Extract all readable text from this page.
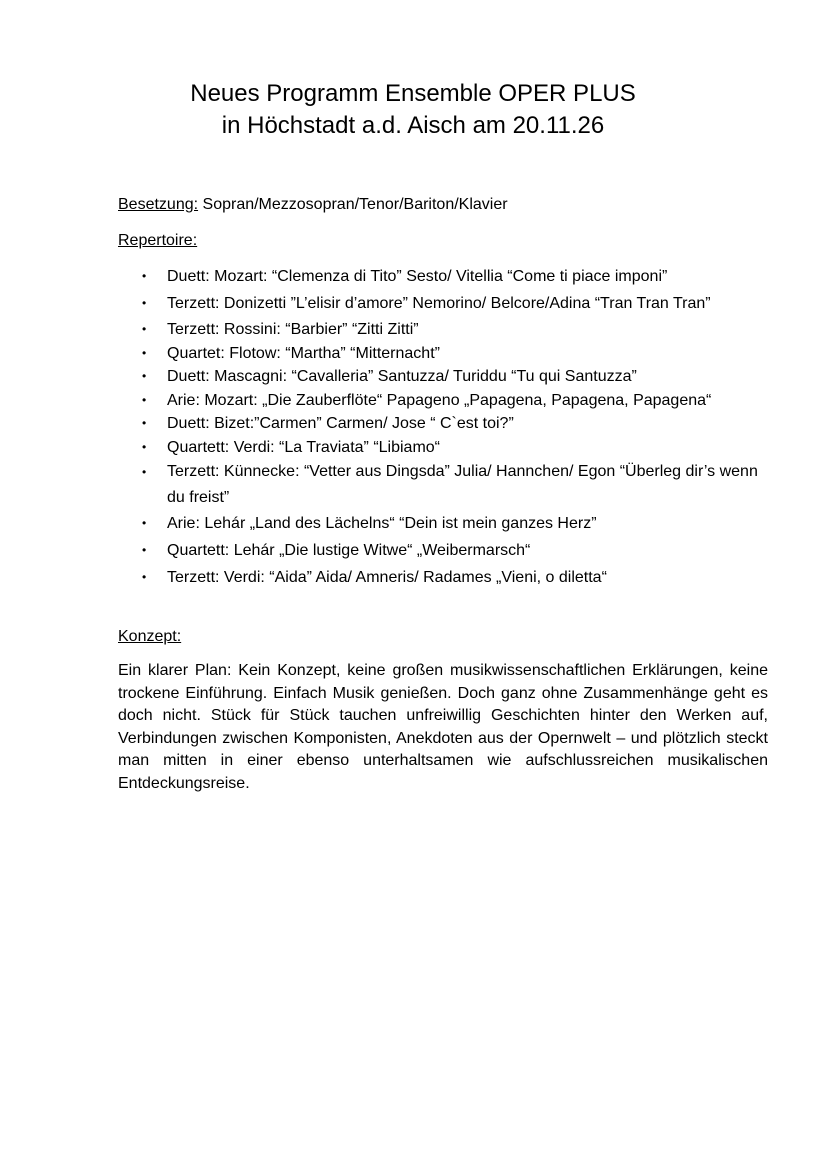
Neues Programm Ensemble OPER PLUS
in Höchstadt a.d. Aisch am 20.11.26
Besetzung: Sopran/Mezzosopran/Tenor/Bariton/Klavier
Repertoire:
• Duett: Mozart: “Clemenza di Tito” Sesto/ Vitellia “Come ti piace imponi”
• Terzett: Donizetti ”L’elisir d’amore” Nemorino/ Belcore/Adina “Tran Tran Tran”
• Terzett: Rossini: “Barbier” “Zitti Zitti”
• Quartet: Flotow: “Martha” “Mitternacht”
• Duett: Mascagni: “Cavalleria” Santuzza/ Turiddu “Tu qui Santuzza”
• Arie: Mozart: „Die Zauberflöte“ Papageno „Papagena, Papagena, Papagena“
• Duett: Bizet:”Carmen” Carmen/ Jose “ C`est toi?”
• Quartett: Verdi: “La Traviata” “Libiamo“
• Terzett: Künnecke: “Vetter aus Dingsda” Julia/ Hannchen/ Egon “Überleg dir’s wenn du freist”
• Arie: Lehár „Land des Lächelns“ “Dein ist mein ganzes Herz”
• Quartett: Lehár „Die lustige Witwe“ „Weibermarsch“
• Terzett: Verdi: “Aida” Aida/ Amneris/ Radames „Vieni, o diletta“
Konzept:
Ein klarer Plan: Kein Konzept, keine großen musikwissenschaftlichen Erklärungen, keine trockene Einführung. Einfach Musik genießen. Doch ganz ohne Zusammenhänge geht es doch nicht. Stück für Stück tauchen unfreiwillig Geschichten hinter den Werken auf, Verbindungen zwischen Komponisten, Anekdoten aus der Opernwelt – und plötzlich steckt man mitten in einer ebenso unterhaltsamen wie aufschlussreichen musikalischen Entdeckungsreise.
